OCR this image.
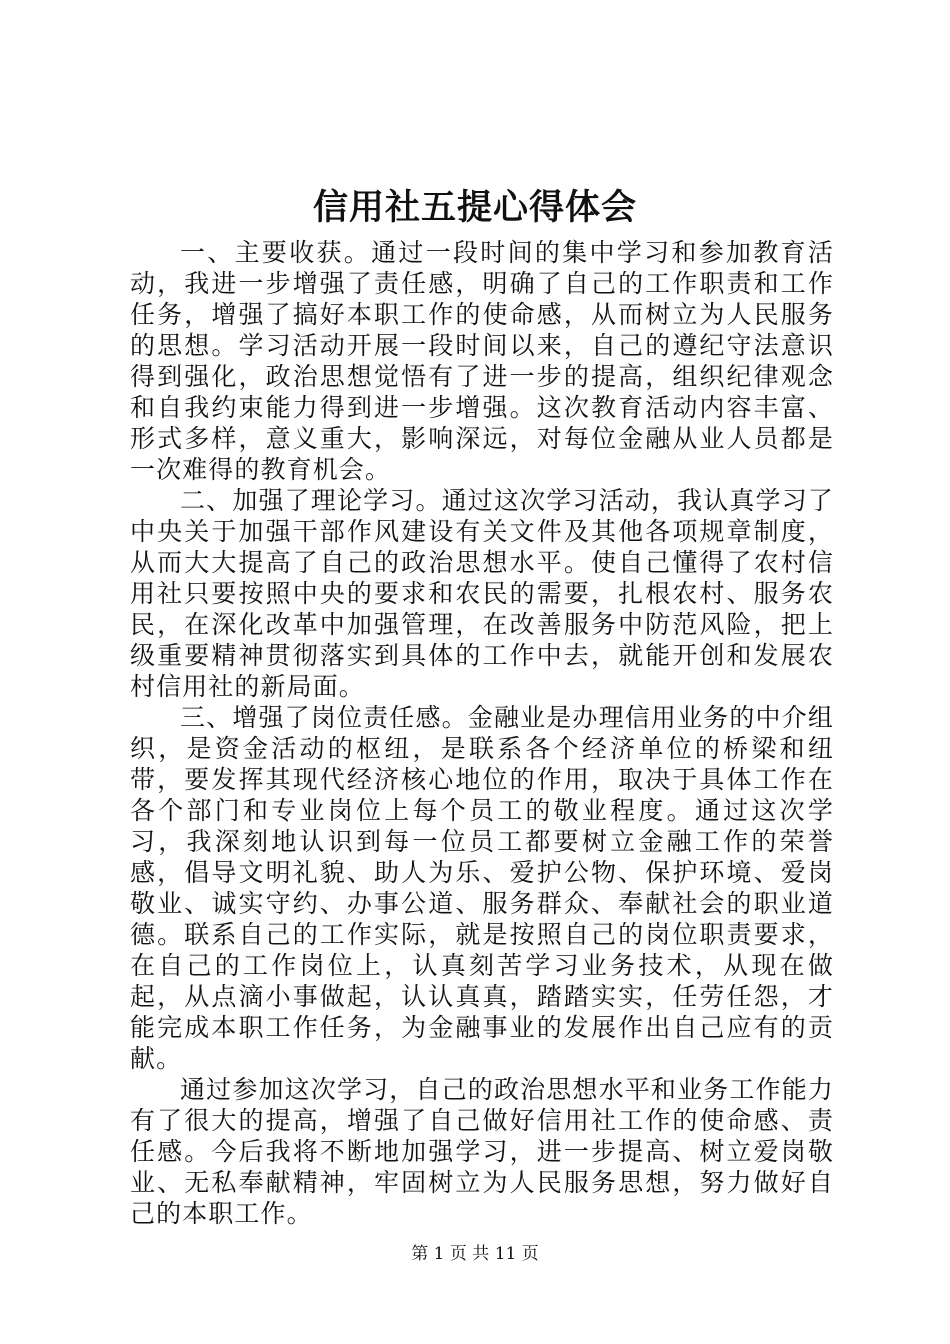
信用社五提心得体会

一、主要收获。通过一段时间的集中学习和参加教育活动，我进一步增强了责任感，明确了自己的工作职责和工作任务，增强了搞好本职工作的使命感，从而树立为人民服务的思想。学习活动开展一段时间以来，自己的遵纪守法意识得到强化，政治思想觉悟有了进一步的提高，组织纪律观念和自我约束能力得到进一步增强。这次教育活动内容丰富、形式多样，意义重大，影响深远，对每位金融从业人员都是一次难得的教育机会。

二、加强了理论学习。通过这次学习活动，我认真学习了中央关于加强干部作风建设有关文件及其他各项规章制度，从而大大提高了自己的政治思想水平。使自己懂得了农村信用社只要按照中央的要求和农民的需要，扎根农村、服务农民，在深化改革中加强管理，在改善服务中防范风险，把上级重要精神贯彻落实到具体的工作中去，就能开创和发展农村信用社的新局面。

三、增强了岗位责任感。金融业是办理信用业务的中介组织，是资金活动的枢纽，是联系各个经济单位的桥梁和纽带，要发挥其现代经济核心地位的作用，取决于具体工作在各个部门和专业岗位上每个员工的敬业程度。通过这次学习，我深刻地认识到每一位员工都要树立金融工作的荣誉感，倡导文明礼貌、助人为乐、爱护公物、保护环境、爱岗敬业、诚实守约、办事公道、服务群众、奉献社会的职业道德。联系自己的工作实际，就是按照自己的岗位职责要求，在自己的工作岗位上，认真刻苦学习业务技术，从现在做起，从点滴小事做起，认认真真，踏踏实实，任劳任怨，才能完成本职工作任务，为金融事业的发展作出自己应有的贡献。

通过参加这次学习，自己的政治思想水平和业务工作能力有了很大的提高，增强了自己做好信用社工作的使命感、责任感。今后我将不断地加强学习，进一步提高、树立爱岗敬业、无私奉献精神，牢固树立为人民服务思想，努力做好自己的本职工作。

第 1 页 共 11 页
